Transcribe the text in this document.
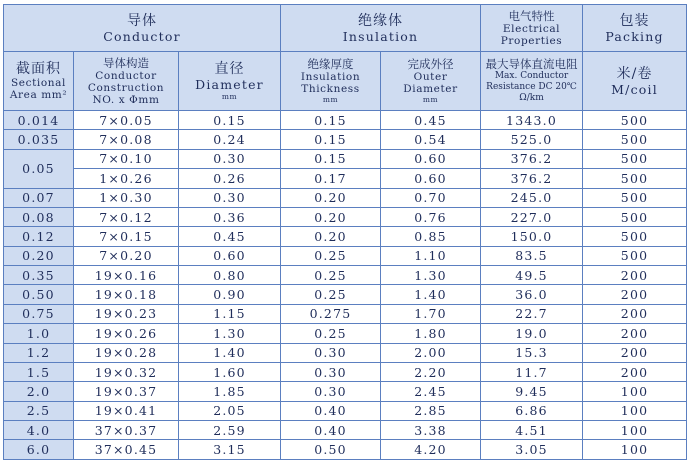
导体
Conductor			绝缘体
Insulation		电气特性
Electrical
Properties	包装
Packing

截面积
Sectional
Area mm²	导体构造
Conductor
Construction
NO. x Φmm	直径
Diameter
mm	绝缘厚度
Insulation
Thickness
mm	完成外径
Outer
Diameter
mm	最大导体直流电阻
Max. Conductor
Resistance DC 20℃
Ω/km	米/卷
M/coil

0.014	7×0.05	0.15	0.15	0.45	1343.0	500
0.035	7×0.08	0.24	0.15	0.54	525.0	500
0.05	7×0.10	0.30	0.15	0.60	376.2	500
	1×0.26	0.26	0.17	0.60	376.2	500
0.07	1×0.30	0.30	0.20	0.70	245.0	500
0.08	7×0.12	0.36	0.20	0.76	227.0	500
0.12	7×0.15	0.45	0.20	0.85	150.0	500
0.20	7×0.20	0.60	0.25	1.10	83.5	500
0.35	19×0.16	0.80	0.25	1.30	49.5	200
0.50	19×0.18	0.90	0.25	1.40	36.0	200
0.75	19×0.23	1.15	0.275	1.70	22.7	200
1.0	19×0.26	1.30	0.25	1.80	19.0	200
1.2	19×0.28	1.40	0.30	2.00	15.3	200
1.5	19×0.32	1.60	0.30	2.20	11.7	200
2.0	19×0.37	1.85	0.30	2.45	9.45	100
2.5	19×0.41	2.05	0.40	2.85	6.86	100
4.0	37×0.37	2.59	0.40	3.38	4.51	100
6.0	37×0.45	3.15	0.50	4.20	3.05	100
